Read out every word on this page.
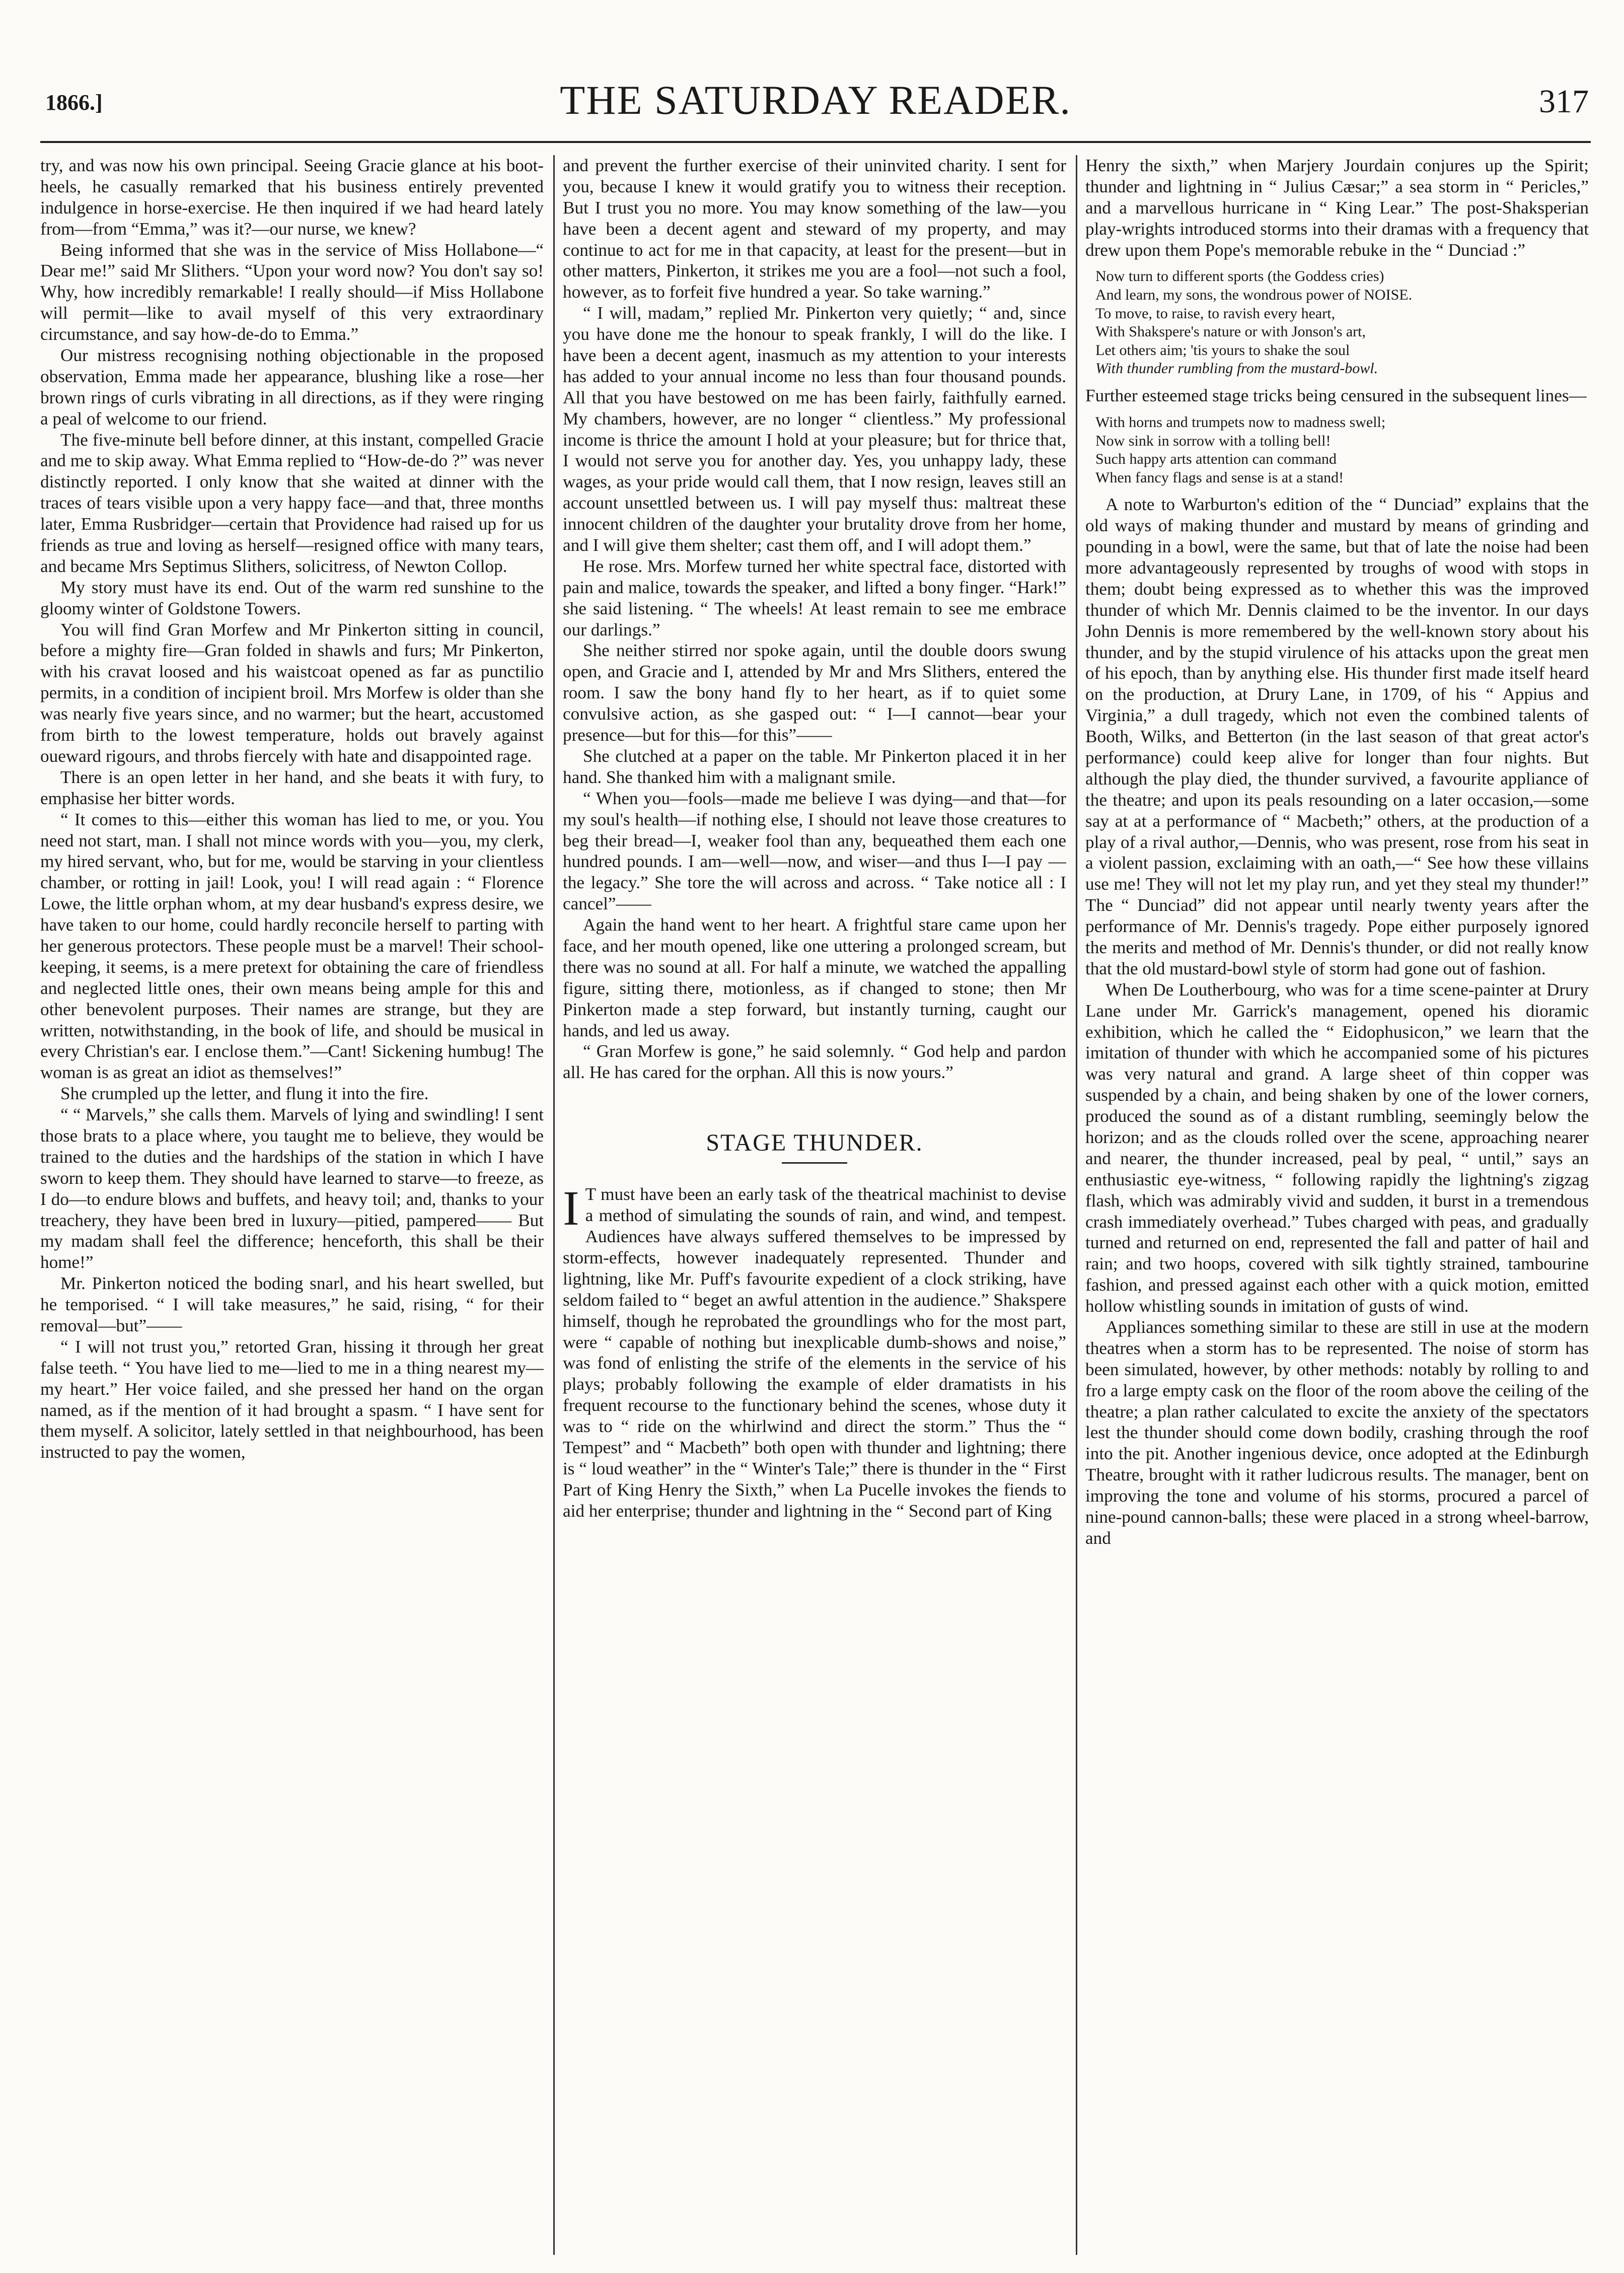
1866.]	THE SATURDAY READER.	317

try, and was now his own principal. Seeing Gracie glance at his boot-heels, he casually remarked that his business entirely prevented indulgence in horse-exercise. He then inquired if we had heard lately from—from “Emma,” was it?—our nurse, we knew?

Being informed that she was in the service of Miss Hollabone—“ Dear me!” said Mr Slithers. “Upon your word now? You don't say so! Why, how incredibly remarkable! I really should—if Miss Hollabone will permit—like to avail myself of this very extraordinary circumstance, and say how-de-do to Emma.”

Our mistress recognising nothing objectionable in the proposed observation, Emma made her appearance, blushing like a rose—her brown rings of curls vibrating in all directions, as if they were ringing a peal of welcome to our friend.

The five-minute bell before dinner, at this instant, compelled Gracie and me to skip away. What Emma replied to “How-de-do ?” was never distinctly reported. I only know that she waited at dinner with the traces of tears visible upon a very happy face—and that, three months later, Emma Rusbridger—certain that Providence had raised up for us friends as true and loving as herself—resigned office with many tears, and became Mrs Septimus Slithers, solicitress, of Newton Collop.

My story must have its end. Out of the warm red sunshine to the gloomy winter of Goldstone Towers.

You will find Gran Morfew and Mr Pinkerton sitting in council, before a mighty fire—Gran folded in shawls and furs; Mr Pinkerton, with his cravat loosed and his waistcoat opened as far as punctilio permits, in a condition of incipient broil. Mrs Morfew is older than she was nearly five years since, and no warmer; but the heart, accustomed from birth to the lowest temperature, holds out bravely against oueward rigours, and throbs fiercely with hate and disappointed rage.

There is an open letter in her hand, and she beats it with fury, to emphasise her bitter words.

“ It comes to this—either this woman has lied to me, or you. You need not start, man. I shall not mince words with you—you, my clerk, my hired servant, who, but for me, would be starving in your clientless chamber, or rotting in jail! Look, you! I will read again : “ Florence Lowe, the little orphan whom, at my dear husband's express desire, we have taken to our home, could hardly reconcile herself to parting with her generous protectors. These people must be a marvel! Their school-keeping, it seems, is a mere pretext for obtaining the care of friendless and neglected little ones, their own means being ample for this and other benevolent purposes. Their names are strange, but they are written, notwithstanding, in the book of life, and should be musical in every Christian's ear. I enclose them.”—Cant! Sickening humbug! The woman is as great an idiot as themselves!”

She crumpled up the letter, and flung it into the fire.

“ “ Marvels,” she calls them. Marvels of lying and swindling! I sent those brats to a place where, you taught me to believe, they would be trained to the duties and the hardships of the station in which I have sworn to keep them. They should have learned to starve—to freeze, as I do—to endure blows and buffets, and heavy toil; and, thanks to your treachery, they have been bred in luxury—pitied, pampered—— But my madam shall feel the difference; henceforth, this shall be their home!”

Mr. Pinkerton noticed the boding snarl, and his heart swelled, but he temporised. “ I will take measures,” he said, rising, “ for their removal—but”——

“ I will not trust you,” retorted Gran, hissing it through her great false teeth. “ You have lied to me—lied to me in a thing nearest my—my heart.” Her voice failed, and she pressed her hand on the organ named, as if the mention of it had brought a spasm. “ I have sent for them myself. A solicitor, lately settled in that neighbourhood, has been instructed to pay the women,

and prevent the further exercise of their uninvited charity. I sent for you, because I knew it would gratify you to witness their reception. But I trust you no more. You may know something of the law—you have been a decent agent and steward of my property, and may continue to act for me in that capacity, at least for the present—but in other matters, Pinkerton, it strikes me you are a fool—not such a fool, however, as to forfeit five hundred a year. So take warning.”

“ I will, madam,” replied Mr. Pinkerton very quietly; “ and, since you have done me the honour to speak frankly, I will do the like. I have been a decent agent, inasmuch as my attention to your interests has added to your annual income no less than four thousand pounds. All that you have bestowed on me has been fairly, faithfully earned. My chambers, however, are no longer “ clientless.” My professional income is thrice the amount I hold at your pleasure; but for thrice that, I would not serve you for another day. Yes, you unhappy lady, these wages, as your pride would call them, that I now resign, leaves still an account unsettled between us. I will pay myself thus: maltreat these innocent children of the daughter your brutality drove from her home, and I will give them shelter; cast them off, and I will adopt them.”

He rose. Mrs. Morfew turned her white spectral face, distorted with pain and malice, towards the speaker, and lifted a bony finger. “Hark!” she said listening. “ The wheels! At least remain to see me embrace our darlings.”

She neither stirred nor spoke again, until the double doors swung open, and Gracie and I, attended by Mr and Mrs Slithers, entered the room. I saw the bony hand fly to her heart, as if to quiet some convulsive action, as she gasped out: “ I—I cannot—bear your presence—but for this—for this”——

She clutched at a paper on the table. Mr Pinkerton placed it in her hand. She thanked him with a malignant smile.

“ When you—fools—made me believe I was dying—and that—for my soul's health—if nothing else, I should not leave those creatures to beg their bread—I, weaker fool than any, bequeathed them each one hundred pounds. I am—well—now, and wiser—and thus I—I pay —the legacy.” She tore the will across and across. “ Take notice all : I cancel”——

Again the hand went to her heart. A frightful stare came upon her face, and her mouth opened, like one uttering a prolonged scream, but there was no sound at all. For half a minute, we watched the appalling figure, sitting there, motionless, as if changed to stone; then Mr Pinkerton made a step forward, but instantly turning, caught our hands, and led us away.

“ Gran Morfew is gone,” he said solemnly. “ God help and pardon all. He has cared for the orphan. All this is now yours.”

STAGE THUNDER.

I T must have been an early task of the theatrical machinist to devise a method of simulating the sounds of rain, and wind, and tempest. Audiences have always suffered themselves to be impressed by storm-effects, however inadequately represented. Thunder and lightning, like Mr. Puff's favourite expedient of a clock striking, have seldom failed to “ beget an awful attention in the audience.” Shakspere himself, though he reprobated the groundlings who for the most part, were “ capable of nothing but inexplicable dumb-shows and noise,” was fond of enlisting the strife of the elements in the service of his plays; probably following the example of elder dramatists in his frequent recourse to the functionary behind the scenes, whose duty it was to “ ride on the whirlwind and direct the storm.” Thus the “ Tempest” and “ Macbeth” both open with thunder and lightning; there is “ loud weather” in the “ Winter's Tale;” there is thunder in the “ First Part of King Henry the Sixth,” when La Pucelle invokes the fiends to aid her enterprise; thunder and lightning in the “ Second part of King

Henry the sixth,” when Marjery Jourdain conjures up the Spirit; thunder and lightning in “ Julius Cæsar;” a sea storm in “ Pericles,” and a marvellous hurricane in “ King Lear.” The post-Shaksperian play-wrights introduced storms into their dramas with a frequency that drew upon them Pope's memorable rebuke in the “ Dunciad :”

Now turn to different sports (the Goddess cries)
And learn, my sons, the wondrous power of NOISE.
To move, to raise, to ravish every heart,
With Shakspere's nature or with Jonson's art,
Let others aim; 'tis yours to shake the soul
With thunder rumbling from the mustard-bowl.

Further esteemed stage tricks being censured in the subsequent lines—

With horns and trumpets now to madness swell;
Now sink in sorrow with a tolling bell!
Such happy arts attention can command
When fancy flags and sense is at a stand!

A note to Warburton's edition of the “ Dunciad” explains that the old ways of making thunder and mustard by means of grinding and pounding in a bowl, were the same, but that of late the noise had been more advantageously represented by troughs of wood with stops in them; doubt being expressed as to whether this was the improved thunder of which Mr. Dennis claimed to be the inventor. In our days John Dennis is more remembered by the well-known story about his thunder, and by the stupid virulence of his attacks upon the great men of his epoch, than by anything else. His thunder first made itself heard on the production, at Drury Lane, in 1709, of his “ Appius and Virginia,” a dull tragedy, which not even the combined talents of Booth, Wilks, and Betterton (in the last season of that great actor's performance) could keep alive for longer than four nights. But although the play died, the thunder survived, a favourite appliance of the theatre; and upon its peals resounding on a later occasion,—some say at at a performance of “ Macbeth;” others, at the production of a play of a rival author,—Dennis, who was present, rose from his seat in a violent passion, exclaiming with an oath,—“ See how these villains use me! They will not let my play run, and yet they steal my thunder!” The “ Dunciad” did not appear until nearly twenty years after the performance of Mr. Dennis's tragedy. Pope either purposely ignored the merits and method of Mr. Dennis's thunder, or did not really know that the old mustard-bowl style of storm had gone out of fashion.

When De Loutherbourg, who was for a time scene-painter at Drury Lane under Mr. Garrick's management, opened his dioramic exhibition, which he called the “ Eidophusicon,” we learn that the imitation of thunder with which he accompanied some of his pictures was very natural and grand. A large sheet of thin copper was suspended by a chain, and being shaken by one of the lower corners, produced the sound as of a distant rumbling, seemingly below the horizon; and as the clouds rolled over the scene, approaching nearer and nearer, the thunder increased, peal by peal, “ until,” says an enthusiastic eye-witness, “ following rapidly the lightning's zigzag flash, which was admirably vivid and sudden, it burst in a tremendous crash immediately overhead.” Tubes charged with peas, and gradually turned and returned on end, represented the fall and patter of hail and rain; and two hoops, covered with silk tightly strained, tambourine fashion, and pressed against each other with a quick motion, emitted hollow whistling sounds in imitation of gusts of wind.

Appliances something similar to these are still in use at the modern theatres when a storm has to be represented. The noise of storm has been simulated, however, by other methods: notably by rolling to and fro a large empty cask on the floor of the room above the ceiling of the theatre; a plan rather calculated to excite the anxiety of the spectators lest the thunder should come down bodily, crashing through the roof into the pit. Another ingenious device, once adopted at the Edinburgh Theatre, brought with it rather ludicrous results. The manager, bent on improving the tone and volume of his storms, procured a parcel of nine-pound cannon-balls; these were placed in a strong wheel-barrow, and
